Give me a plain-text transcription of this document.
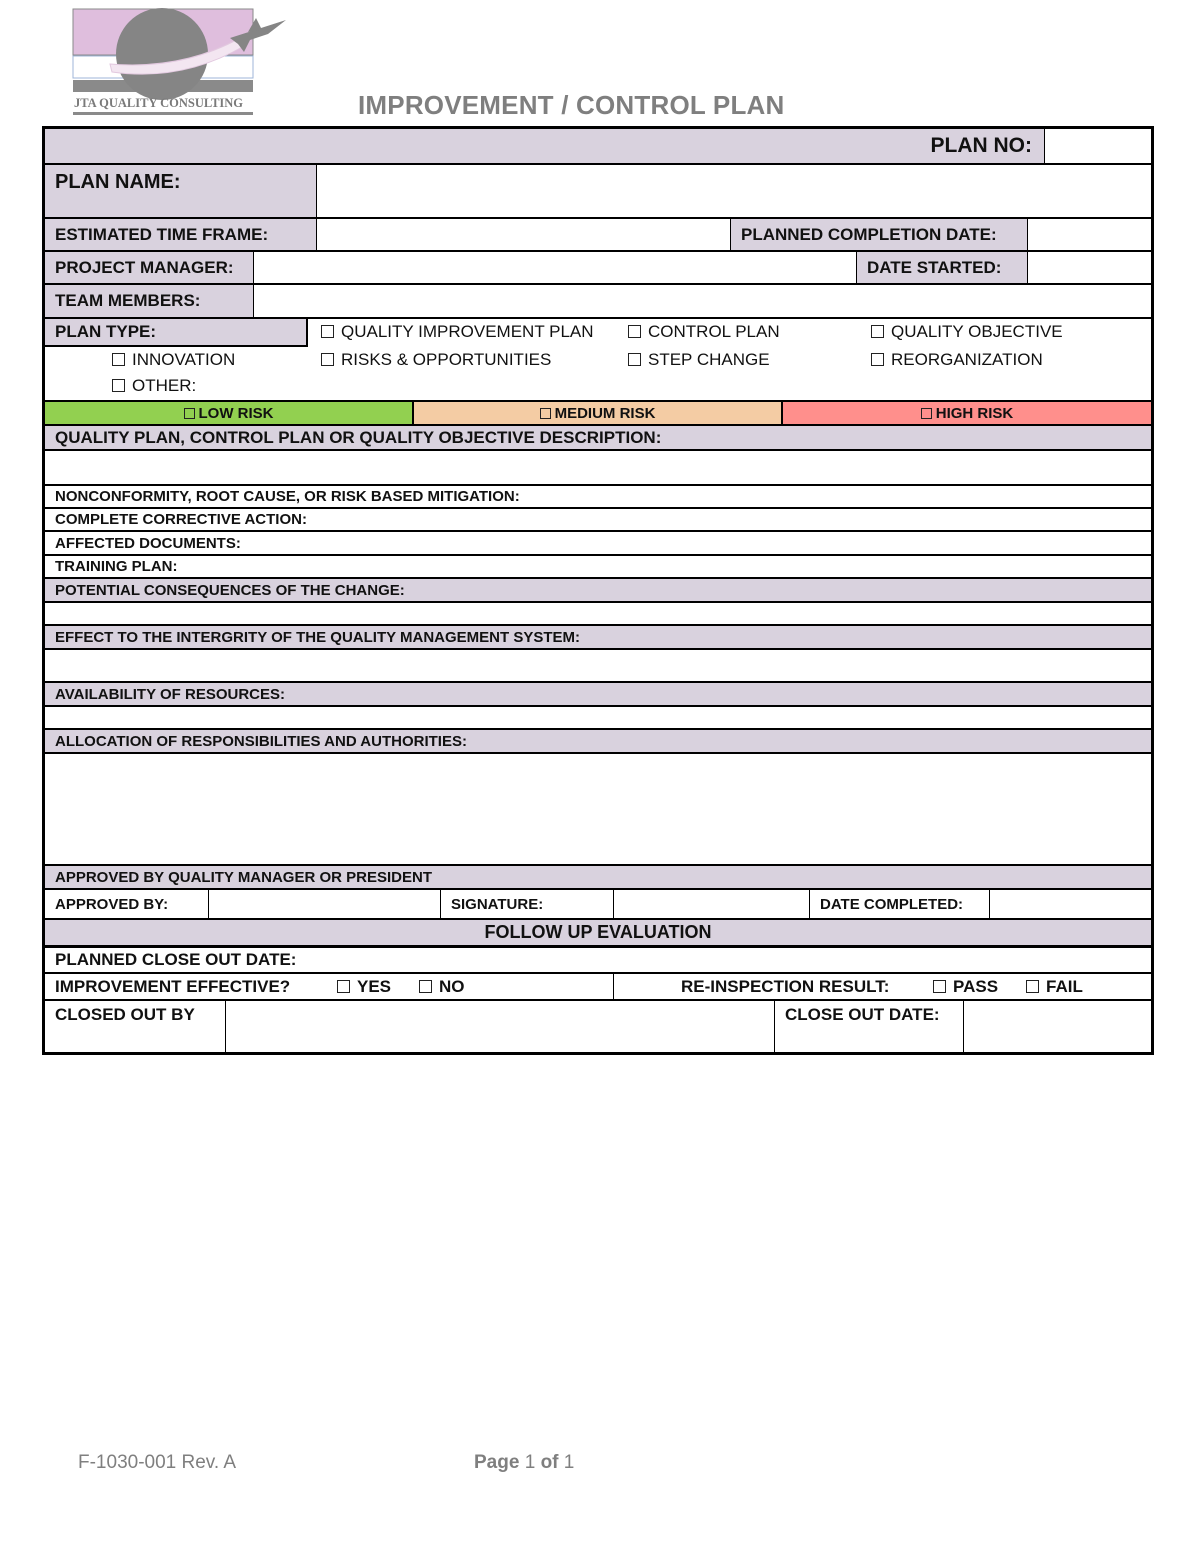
JTA QUALITY CONSULTING	IMPROVEMENT / CONTROL PLAN
PLAN NO:
PLAN NAME:
ESTIMATED TIME FRAME:	PLANNED COMPLETION DATE:
PROJECT MANAGER:	DATE STARTED:
TEAM MEMBERS:
PLAN TYPE:	QUALITY IMPROVEMENT PLAN	CONTROL PLAN	QUALITY OBJECTIVE
INNOVATION	RISKS & OPPORTUNITIES	STEP CHANGE	REORGANIZATION
OTHER:
LOW RISK	MEDIUM RISK	HIGH RISK
QUALITY PLAN, CONTROL PLAN OR QUALITY OBJECTIVE DESCRIPTION:
NONCONFORMITY, ROOT CAUSE, OR RISK BASED MITIGATION:
COMPLETE CORRECTIVE ACTION:
AFFECTED DOCUMENTS:
TRAINING PLAN:
POTENTIAL CONSEQUENCES OF THE CHANGE:
EFFECT TO THE INTERGRITY OF THE QUALITY MANAGEMENT SYSTEM:
AVAILABILITY OF RESOURCES:
ALLOCATION OF RESPONSIBILITIES AND AUTHORITIES:
APPROVED BY QUALITY MANAGER OR PRESIDENT
APPROVED BY:	SIGNATURE:	DATE COMPLETED:
FOLLOW UP EVALUATION
PLANNED CLOSE OUT DATE:
IMPROVEMENT EFFECTIVE?	YES	NO	RE-INSPECTION RESULT:	PASS	FAIL
CLOSED OUT BY	CLOSE OUT DATE:
F-1030-001 Rev. A	Page 1 of 1
